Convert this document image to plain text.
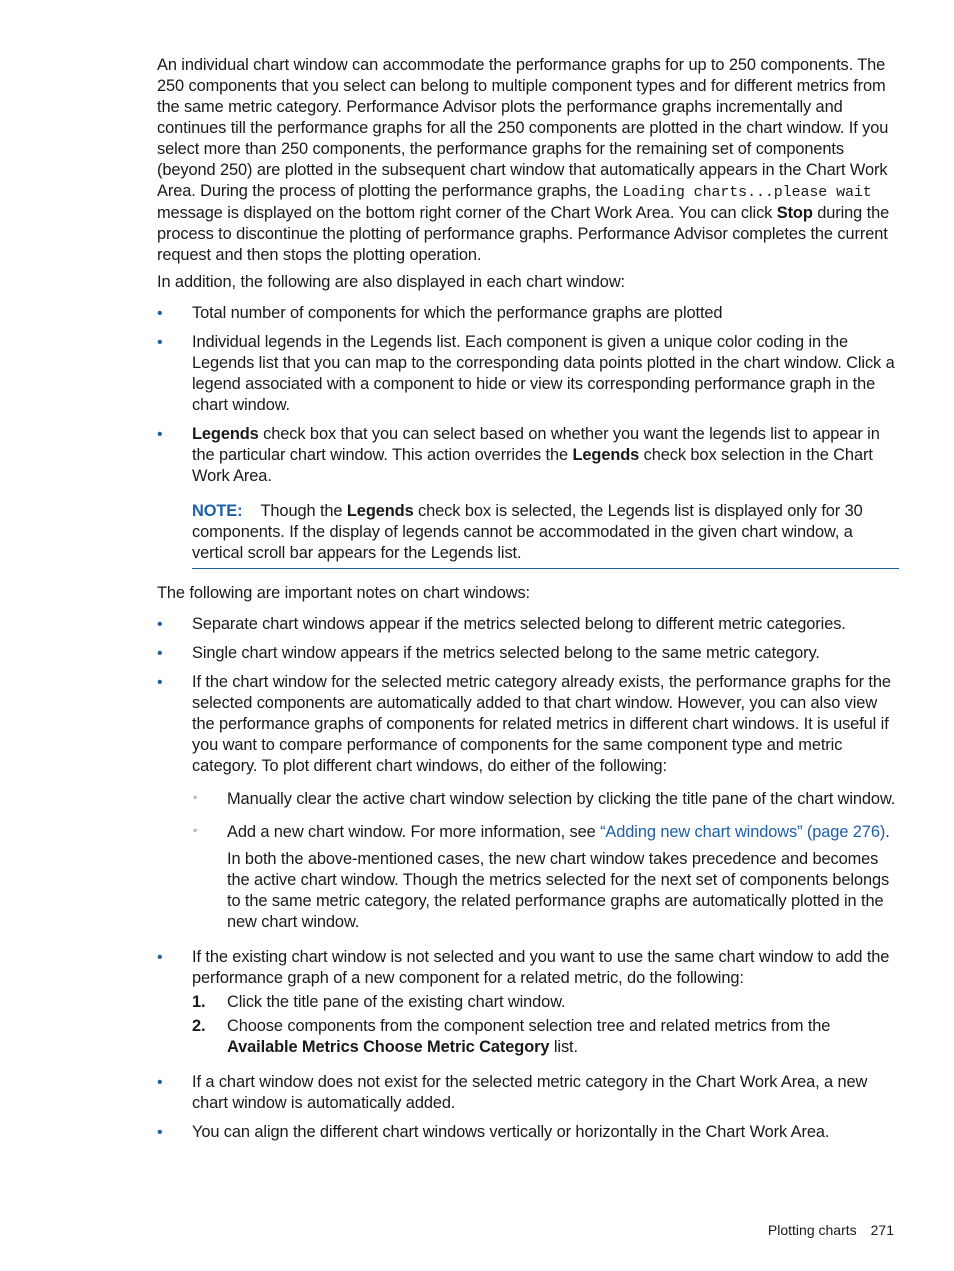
An individual chart window can accommodate the performance graphs for up to 250 components. The 250 components that you select can belong to multiple component types and for different metrics from the same metric category. Performance Advisor plots the performance graphs incrementally and continues till the performance graphs for all the 250 components are plotted in the chart window. If you select more than 250 components, the performance graphs for the remaining set of components (beyond 250) are plotted in the subsequent chart window that automatically appears in the Chart Work Area. During the process of plotting the performance graphs, the Loading charts...please wait message is displayed on the bottom right corner of the Chart Work Area. You can click Stop during the process to discontinue the plotting of performance graphs. Performance Advisor completes the current request and then stops the plotting operation.

In addition, the following are also displayed in each chart window:

• Total number of components for which the performance graphs are plotted
• Individual legends in the Legends list. Each component is given a unique color coding in the Legends list that you can map to the corresponding data points plotted in the chart window. Click a legend associated with a component to hide or view its corresponding performance graph in the chart window.
• Legends check box that you can select based on whether you want the legends list to appear in the particular chart window. This action overrides the Legends check box selection in the Chart Work Area.
NOTE: Though the Legends check box is selected, the Legends list is displayed only for 30 components. If the display of legends cannot be accommodated in the given chart window, a vertical scroll bar appears for the Legends list.

The following are important notes on chart windows:

• Separate chart windows appear if the metrics selected belong to different metric categories.
• Single chart window appears if the metrics selected belong to the same metric category.
• If the chart window for the selected metric category already exists, the performance graphs for the selected components are automatically added to that chart window. However, you can also view the performance graphs of components for related metrics in different chart windows. It is useful if you want to compare performance of components for the same component type and metric category. To plot different chart windows, do either of the following:
◦ Manually clear the active chart window selection by clicking the title pane of the chart window.
◦ Add a new chart window. For more information, see “Adding new chart windows” (page 276).

In both the above-mentioned cases, the new chart window takes precedence and becomes the active chart window. Though the metrics selected for the next set of components belongs to the same metric category, the related performance graphs are automatically plotted in the new chart window.

• If the existing chart window is not selected and you want to use the same chart window to add the performance graph of a new component for a related metric, do the following:
1. Click the title pane of the existing chart window.
2. Choose components from the component selection tree and related metrics from the Available Metrics Choose Metric Category list.
• If a chart window does not exist for the selected metric category in the Chart Work Area, a new chart window is automatically added.
• You can align the different chart windows vertically or horizontally in the Chart Work Area.
Plotting charts 271
